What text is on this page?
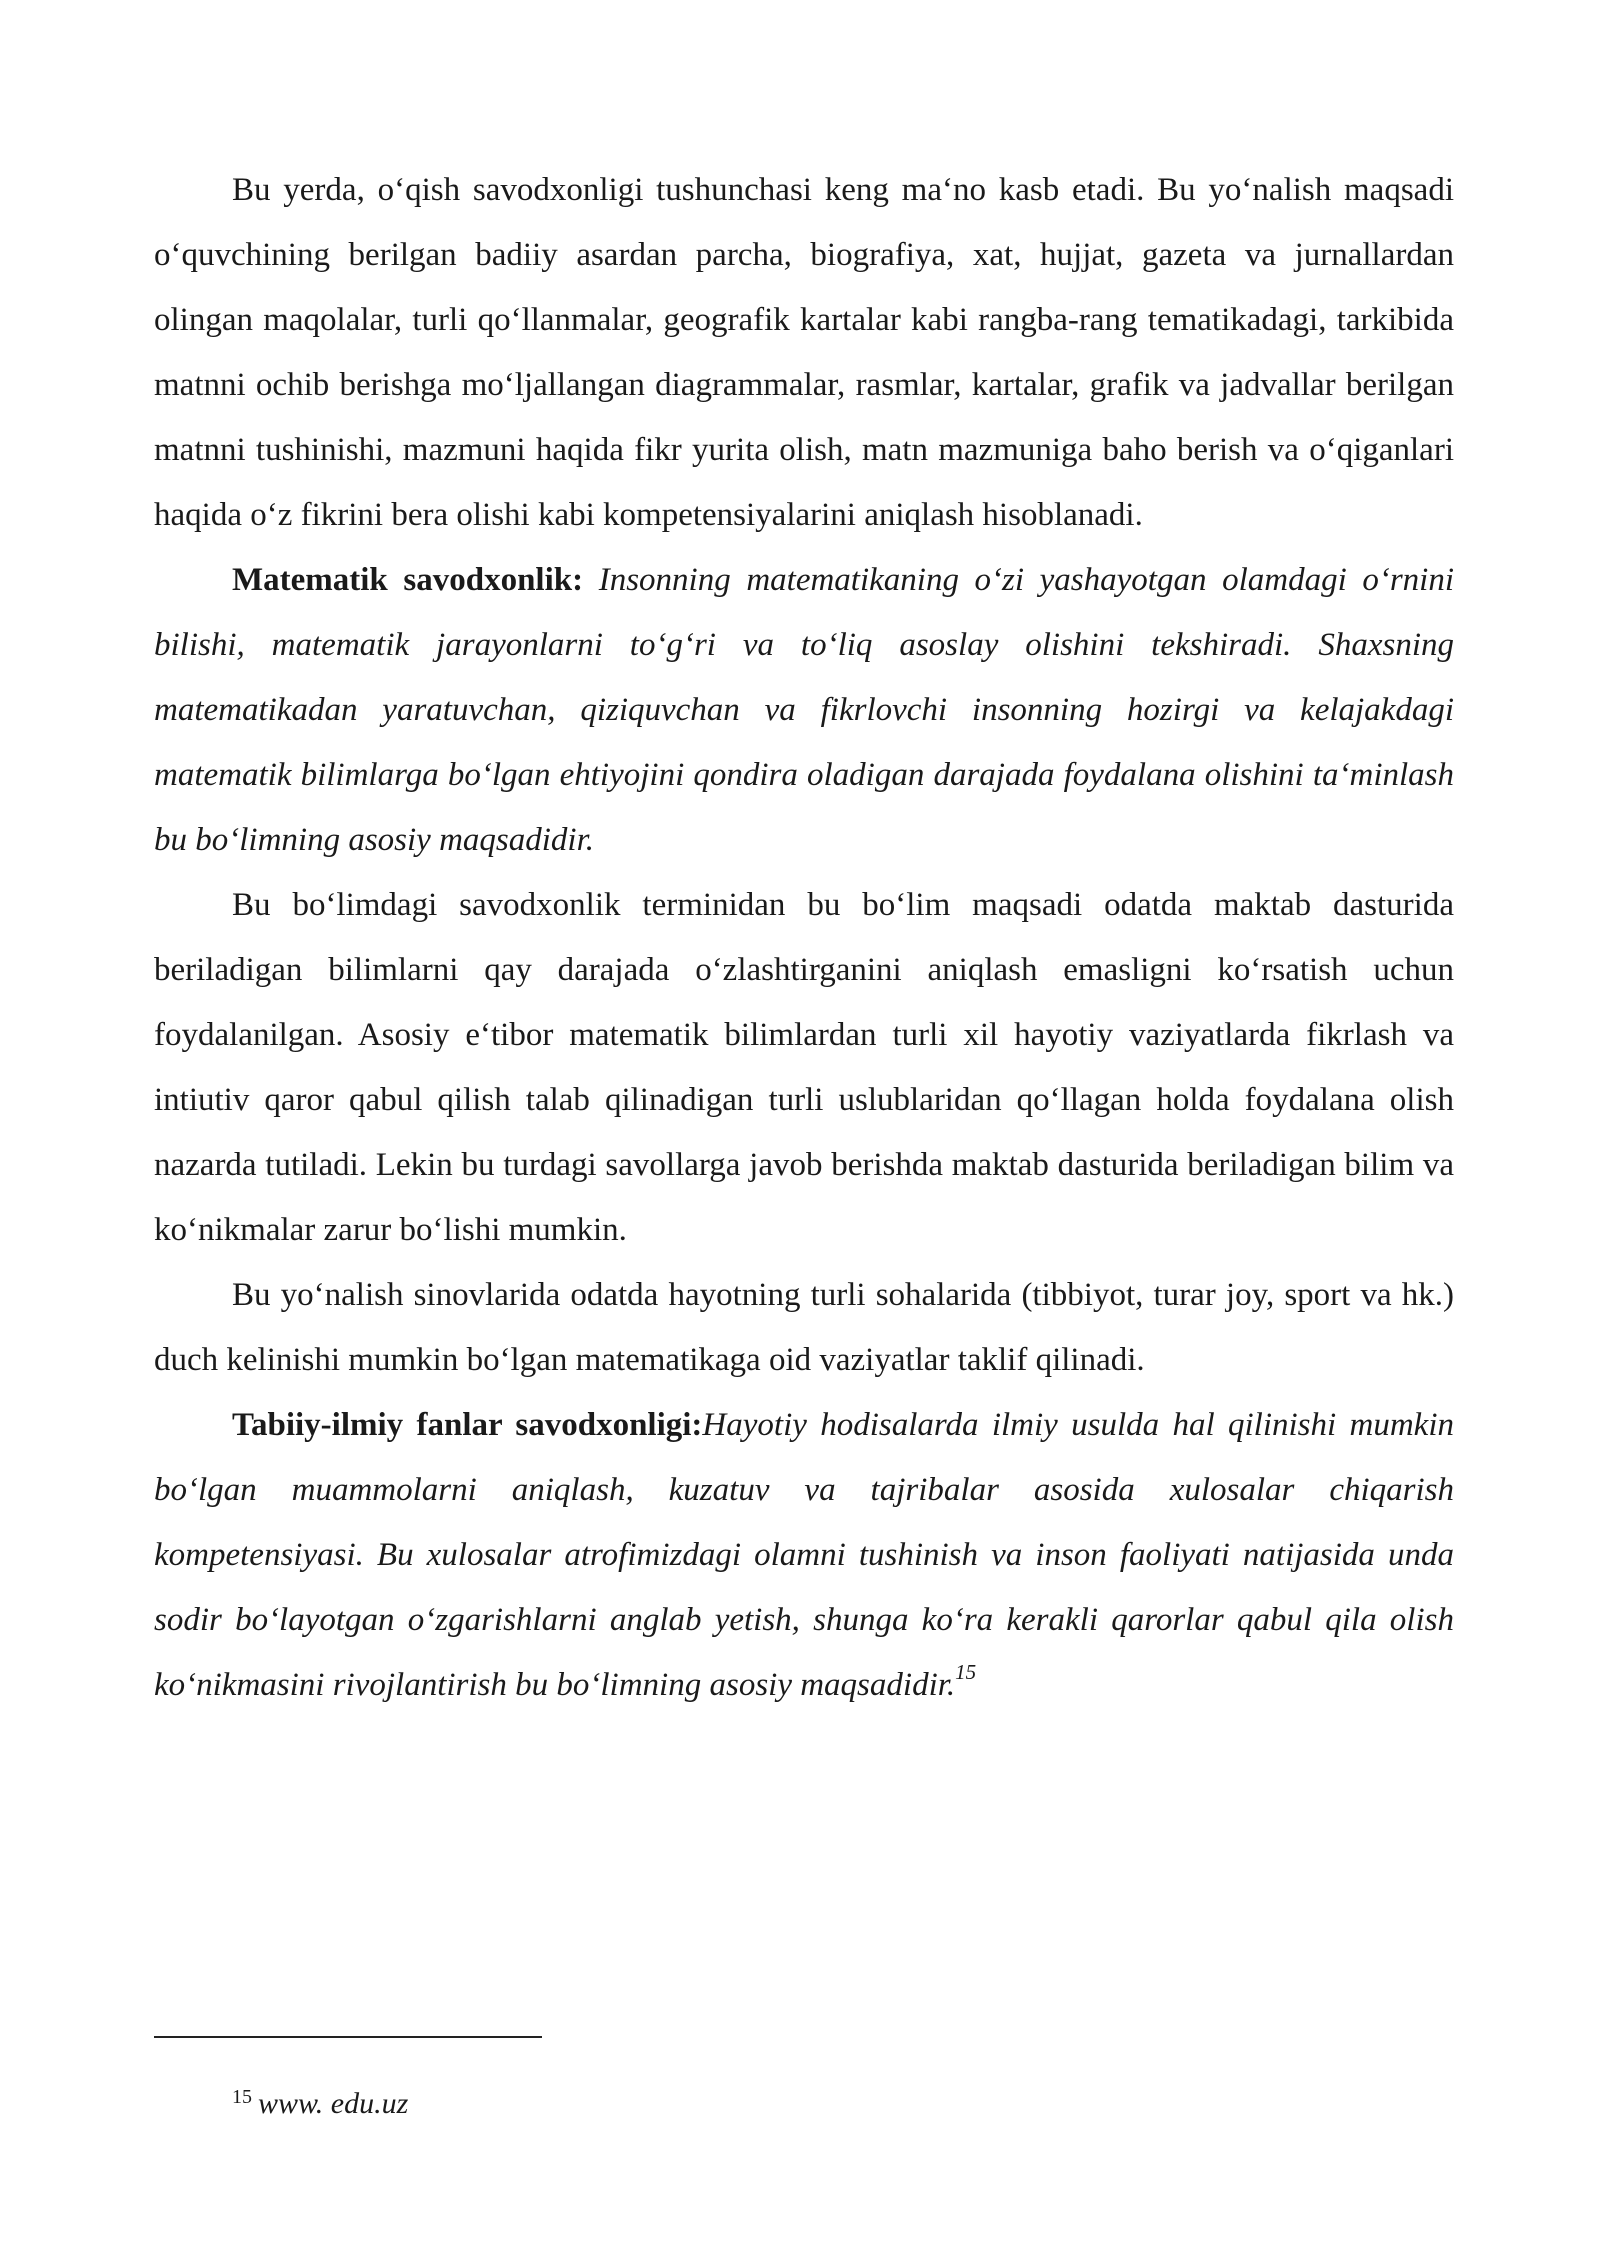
Bu yerda, o‘qish savodxonligi tushunchasi keng ma‘no kasb etadi. Bu yo‘nalish maqsadi o‘quvchining berilgan badiiy asardan parcha, biografiya, xat, hujjat, gazeta va jurnallardan olingan maqolalar, turli qo‘llanmalar, geografik kartalar kabi rangba-rang tematikadagi, tarkibida matnni ochib berishga mo‘ljallangan diagrammalar, rasmlar, kartalar, grafik va jadvallar berilgan matnni tushinishi, mazmuni haqida fikr yurita olish, matn mazmuniga baho berish va o‘qiganlari haqida o‘z fikrini bera olishi kabi kompetensiyalarini aniqlash hisoblanadi.

Matematik savodxonlik: Insonning matematikaning o‘zi yashayotgan olamdagi o‘rnini bilishi, matematik jarayonlarni to‘g‘ri va to‘liq asoslay olishini tekshiradi. Shaxsning matematikadan yaratuvchan, qiziquvchan va fikrlovchi insonning hozirgi va kelajakdagi matematik bilimlarga bo‘lgan ehtiyojini qondira oladigan darajada foydalana olishini ta‘minlash bu bo‘limning asosiy maqsadidir.

Bu bo‘limdagi savodxonlik terminidan bu bo‘lim maqsadi odatda maktab dasturida beriladigan bilimlarni qay darajada o‘zlashtirganini aniqlash emasligni ko‘rsatish uchun foydalanilgan. Asosiy e‘tibor matematik bilimlardan turli xil hayotiy vaziyatlarda fikrlash va intiutiv qaror qabul qilish talab qilinadigan turli uslublaridan qo‘llagan holda foydalana olish nazarda tutiladi. Lekin bu turdagi savollarga javob berishda maktab dasturida beriladigan bilim va ko‘nikmalar zarur bo‘lishi mumkin.

Bu yo‘nalish sinovlarida odatda hayotning turli sohalarida (tibbiyot, turar joy, sport va hk.) duch kelinishi mumkin bo‘lgan matematikaga oid vaziyatlar taklif qilinadi.

Tabiiy-ilmiy fanlar savodxonligi:Hayotiy hodisalarda ilmiy usulda hal qilinishi mumkin bo‘lgan muammolarni aniqlash, kuzatuv va tajribalar asosida xulosalar chiqarish kompetensiyasi. Bu xulosalar atrofimizdagi olamni tushinish va inson faoliyati natijasida unda sodir bo‘layotgan o‘zgarishlarni anglab yetish, shunga ko‘ra kerakli qarorlar qabul qila olish ko‘nikmasini rivojlantirish bu bo‘limning asosiy maqsadidir.$^{15}$

$^{15}$ www. edu.uz
